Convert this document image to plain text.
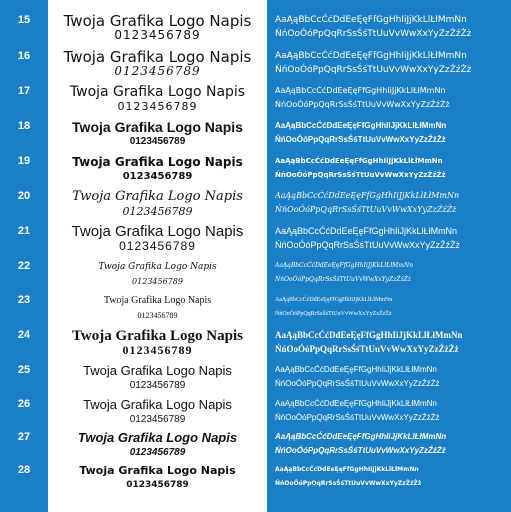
15	Twoja Grafika Logo Napis
0123456789
AaĄąBbCcĆćDdEeĘęFfGgHhIiJjKkLlŁłMmNn
ŃńOoÓóPpQqRrSsŚśTtUuVvWwXxYyZzŹźŻż
16	Twoja Grafika Logo Napis
0123456789
AaĄąBbCcĆćDdEeĘęFfGgHhIiJjKkLlŁłMmNn
ŃńOoÓóPpQqRrSsŚśTtUuVvWwXxYyZzŹźŻż
17	Twoja Grafika Logo Napis
0123456789
AaĄąBbCcĆćDdEeĘęFfGgHhIiJjKkLlŁłMmNn
ŃńOoÓóPpQqRrSsŚśTtUuVvWwXxYyZzŹźŻż
18	Twoja Grafika Logo Napis
0123456789
AaĄąBbCcĆćDdEeĘęFfGgHhIiJjKkLlŁłMmNn
ŃńOoÓóPpQqRrSsŚśTtUuVvWwXxYyZzŹźŻż
19	Twoja Grafika Logo Napis
0123456789
AaĄąBbCcĆćDdEeĘęFfGgHhIiJjKkLlŁłMmNn
ŃńOoÓóPpQqRrSsŚśTtUuVvWwXxYyZzŹźŻż
20	Twoja Grafika Logo Napis
0123456789
AaĄąBbCcĆćDdEeĘęFfGgHhIiJjKkLlŁłMmNn
ŃńOoÓóPpQqRrSsŚśTtUuVvWwXxYyZzŹźŻż
21	Twoja Grafika Logo Napis
0123456789
AaĄąBbCcĆćDdEeĘęFfGgHhIiJjKkLlŁłMmNn
ŃńOoÓóPpQqRrSsŚśTtUuVvWwXxYyZzŹźŻż
22	Twoja Grafika Logo Napis
0123456789
AaĄąBbCcĆćDdEeĘęFfGgHhIiJjKkLlŁłMmNn
ŃńOoÓóPpQqRrSsŚśTtUuVvWwXxYyZzŹźŻż
23	Twoja Grafika Logo Napis
0123456789
AaĄąBbCcĆćDdEeĘęFfGgHhIiJjKkLlŁłMmNn
ŃńOoÓóPpQqRrSsŚśTtUuVvWwXxYyZzŹźŻż
24	Twoja Grafika Logo Napis
0123456789
AaĄąBbCcĆćDdEeĘęFfGgHhIiJjKkLlŁłMmNn
ŃńOoÓóPpQqRrSsŚśTtUuVvWwXxYyZzŹźŻż
25	Twoja Grafika Logo Napis
0123456789
AaĄąBbCcĆćDdEeĘęFfGgHhIiJjKkLlŁłMmNn
ŃńOoÓóPpQqRrSsŚśTtUuVvWwXxYyZzŹźŻż
26	Twoja Grafika Logo Napis
0123456789
AaĄąBbCcĆćDdEeĘęFfGgHhIiJjKkLlŁłMmNn
ŃńOoÓóPpQqRrSsŚśTtUuVvWwXxYyZzŹźŻż
27	Twoja Grafika Logo Napis
0123456789
AaĄąBbCcĆćDdEeĘęFfGgHhIiJjKkLlŁłMmNn
ŃńOoÓóPpQqRrSsŚśTtUuVvWwXxYyZzŹźŻż
28	Twoja Grafika Logo Napis
0123456789
AaĄąBbCcĆćDdEeĘęFfGgHhIiJjKkLlŁłMmNn
ŃńOoÓóPpQqRrSsŚśTtUuVvWwXxYyZzŹźŻż
